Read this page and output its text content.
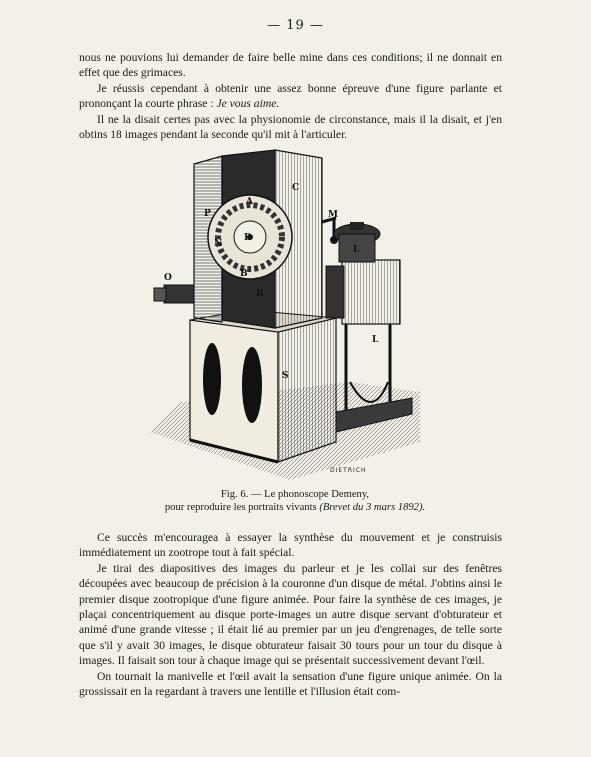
— 19 —

nous ne pouvions lui demander de faire belle mine dans ces conditions; il ne donnait en effet que des grimaces.

Je réussis cependant à obtenir une assez bonne épreuve d'une figure parlante et prononçant la courte phrase : Je vous aime.

Il ne la disait certes pas avec la physionomie de circonstance, mais il la disait, et j'en obtins 18 images pendant la seconde qu'il mit à l'articuler.

P
A
D
N
B
R
C
M
O
L
L
S
DIETRICH
Fig. 6. — Le phonoscope Demeny,
pour reproduire les portraits vivants (Brevet du 3 mars 1892).

Ce succès m'encouragea à essayer la synthèse du mouvement et je construisis immédiatement un zootrope tout à fait spécial.

Je tirai des diapositives des images du parleur et je les collai sur des fenêtres découpées avec beaucoup de précision à la couronne d'un disque de métal. J'obtins ainsi le premier disque zootropique d'une figure animée. Pour faire la synthèse de ces images, je plaçai concentriquement au disque porte-images un autre disque servant d'obturateur et animé d'une grande vitesse ; il était lié au premier par un jeu d'engrenages, de telle sorte que s'il y avait 30 images, le disque obturateur faisait 30 tours pour un tour du disque à images. Il faisait son tour à chaque image qui se présentait successivement devant l'œil.

On tournait la manivelle et l'œil avait la sensation d'une figure unique animée. On la grossissait en la regardant à travers une lentille et l'illusion était com-
